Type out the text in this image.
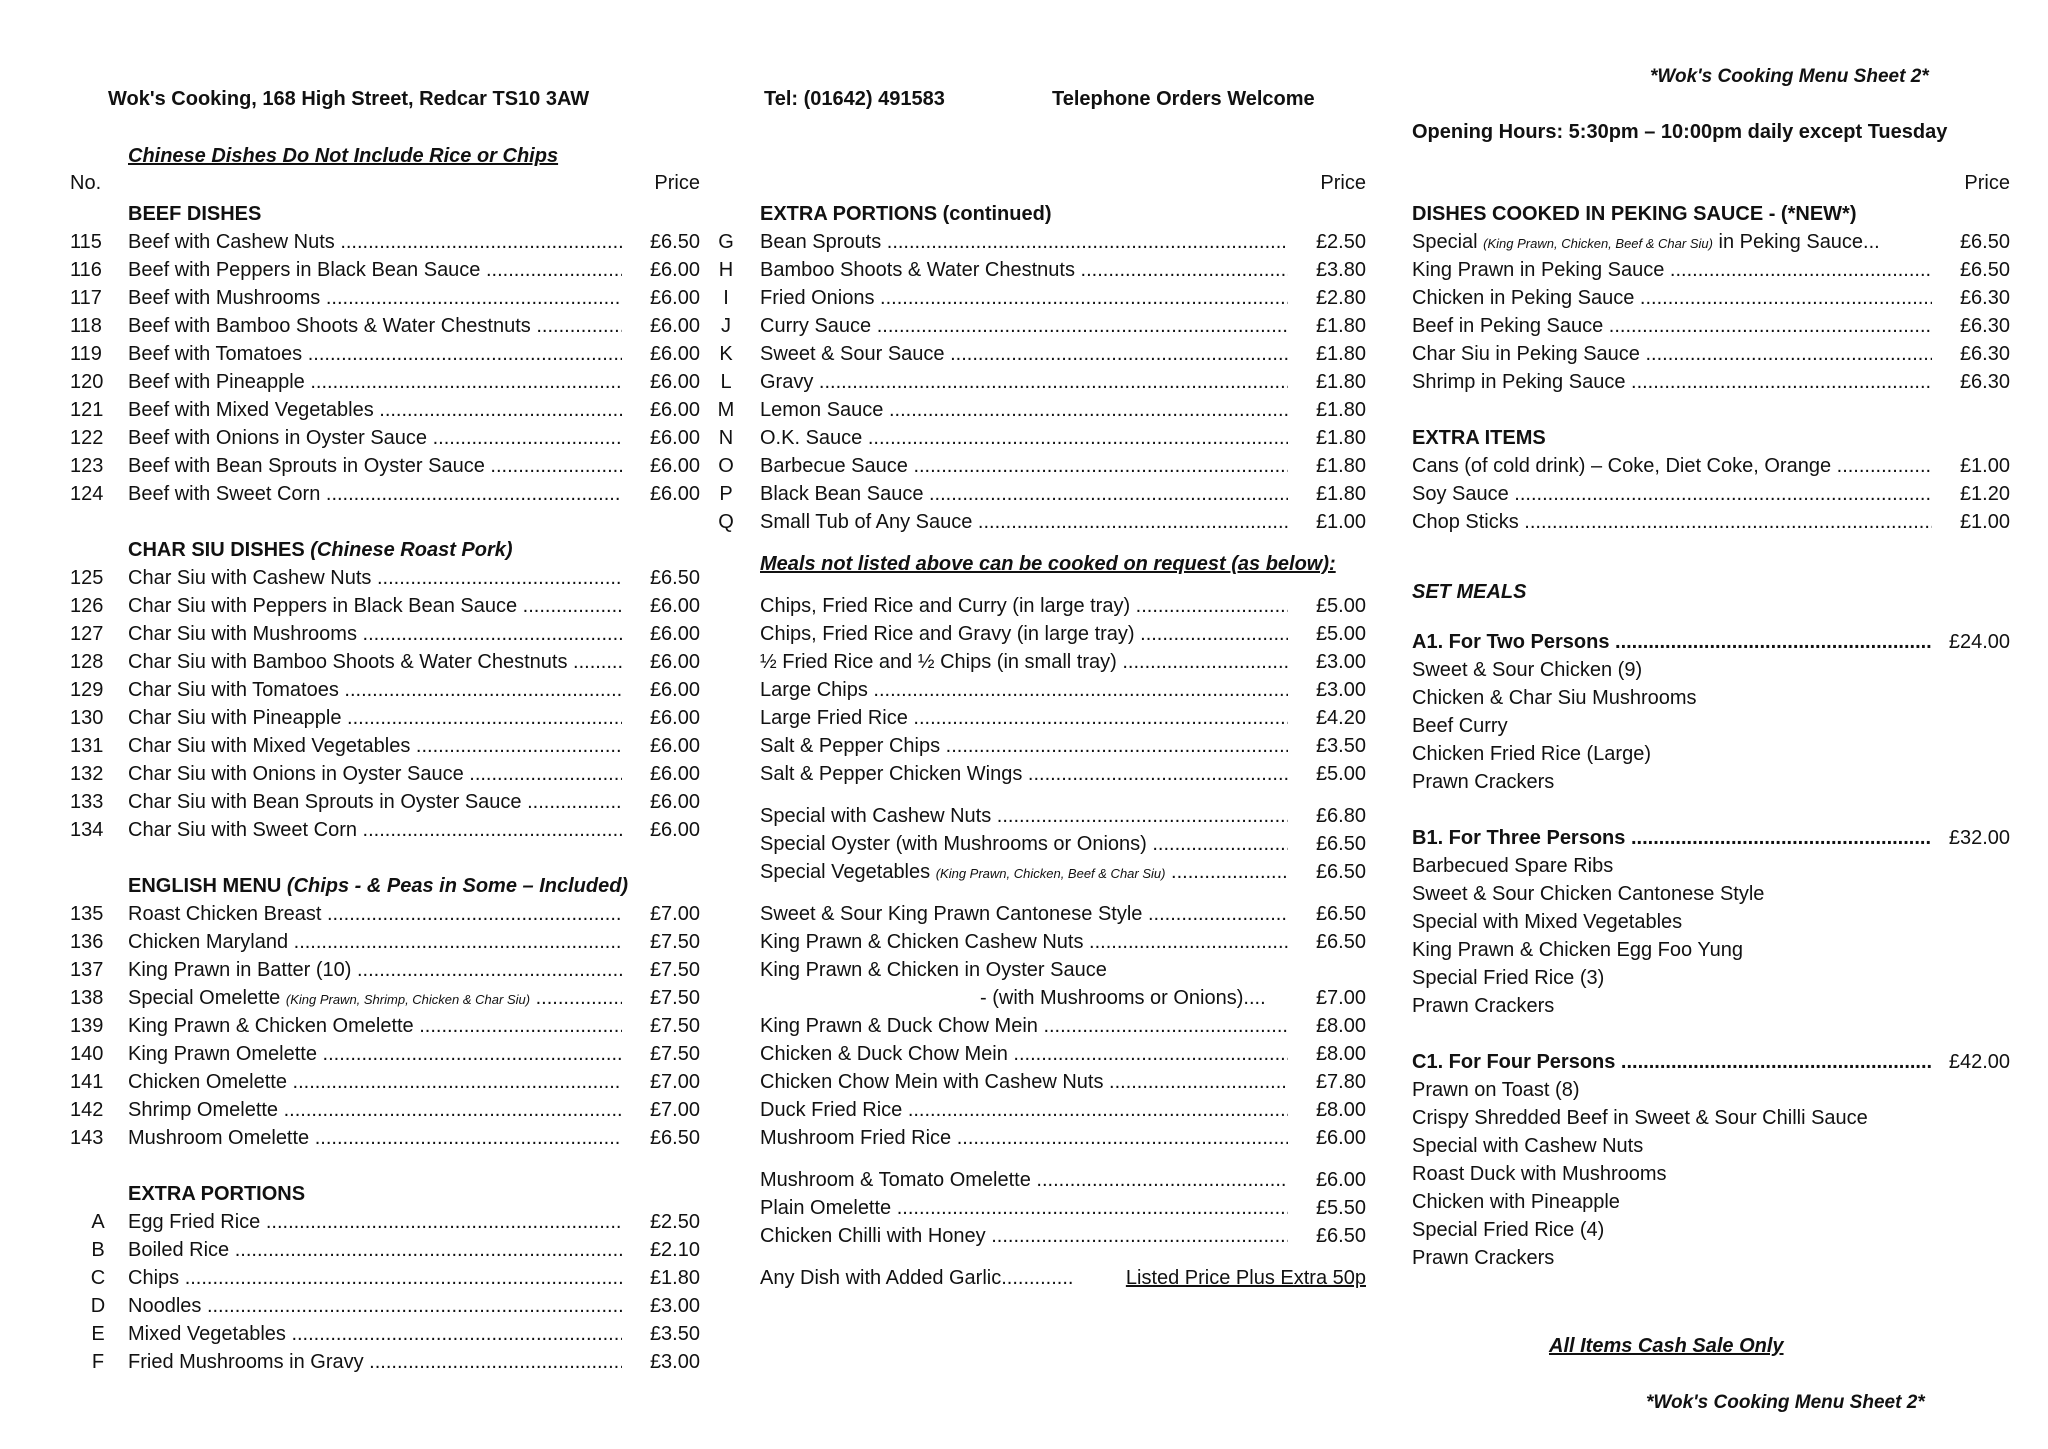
Wok's Cooking, 168 High Street, Redcar TS10 3AW	Tel: (01642) 491583	Telephone Orders Welcome
*Wok's Cooking Menu Sheet 2*
Opening Hours: 5:30pm – 10:00pm daily except Tuesday
Chinese Dishes Do Not Include Rice or Chips
No.	Price
BEEF DISHES
115	Beef with Cashew Nuts .....	£6.50
116	Beef with Peppers in Black Bean Sauce .....	£6.00
117	Beef with Mushrooms .....	£6.00
118	Beef with Bamboo Shoots & Water Chestnuts .....	£6.00
119	Beef with Tomatoes .....	£6.00
120	Beef with Pineapple .....	£6.00
121	Beef with Mixed Vegetables .....	£6.00
122	Beef with Onions in Oyster Sauce .....	£6.00
123	Beef with Bean Sprouts in Oyster Sauce .....	£6.00
124	Beef with Sweet Corn .....	£6.00
CHAR SIU DISHES (Chinese Roast Pork)
125	Char Siu with Cashew Nuts .....	£6.50
126	Char Siu with Peppers in Black Bean Sauce .....	£6.00
127	Char Siu with Mushrooms .....	£6.00
128	Char Siu with Bamboo Shoots & Water Chestnuts .....	£6.00
129	Char Siu with Tomatoes .....	£6.00
130	Char Siu with Pineapple .....	£6.00
131	Char Siu with Mixed Vegetables .....	£6.00
132	Char Siu with Onions in Oyster Sauce .....	£6.00
133	Char Siu with Bean Sprouts in Oyster Sauce .....	£6.00
134	Char Siu with Sweet Corn .....	£6.00
ENGLISH MENU (Chips - & Peas in Some – Included)
135	Roast Chicken Breast .....	£7.00
136	Chicken Maryland .....	£7.50
137	King Prawn in Batter (10) .....	£7.50
138	Special Omelette (King Prawn, Shrimp, Chicken & Char Siu) .....	£7.50
139	King Prawn & Chicken Omelette .....	£7.50
140	King Prawn Omelette .....	£7.50
141	Chicken Omelette .....	£7.00
142	Shrimp Omelette .....	£7.00
143	Mushroom Omelette .....	£6.50
EXTRA PORTIONS
A	Egg Fried Rice .....	£2.50
B	Boiled Rice .....	£2.10
C	Chips .....	£1.80
D	Noodles .....	£3.00
E	Mixed Vegetables .....	£3.50
F	Fried Mushrooms in Gravy .....	£3.00
Price
EXTRA PORTIONS (continued)
G	Bean Sprouts .....	£2.50
H	Bamboo Shoots & Water Chestnuts .....	£3.80
I	Fried Onions .....	£2.80
J	Curry Sauce .....	£1.80
K	Sweet & Sour Sauce .....	£1.80
L	Gravy .....	£1.80
M Lemon Sauce .....	£1.80
N	O.K. Sauce .....	£1.80
O	Barbecue Sauce .....	£1.80
P	Black Bean Sauce .....	£1.80
Q	Small Tub of Any Sauce .....	£1.00
Meals not listed above can be cooked on request (as below):
Chips, Fried Rice and Curry (in large tray) .....	£5.00
Chips, Fried Rice and Gravy (in large tray) .....	£5.00
½ Fried Rice and ½ Chips (in small tray) .....	£3.00
Large Chips .....	£3.00
Large Fried Rice .....	£4.20
Salt & Pepper Chips .....	£3.50
Salt & Pepper Chicken Wings .....	£5.00
Special with Cashew Nuts .....	£6.80
Special Oyster (with Mushrooms or Onions) .....	£6.50
Special Vegetables (King Prawn, Chicken, Beef & Char Siu) .....	£6.50
Sweet & Sour King Prawn Cantonese Style .....	£6.50
King Prawn & Chicken Cashew Nuts .....	£6.50
King Prawn & Chicken in Oyster Sauce
- (with Mushrooms or Onions)....	£7.00
King Prawn & Duck Chow Mein .....	£8.00
Chicken & Duck Chow Mein .....	£8.00
Chicken Chow Mein with Cashew Nuts .....	£7.80
Duck Fried Rice .....	£8.00
Mushroom Fried Rice .....	£6.00
Mushroom & Tomato Omelette .....	£6.00
Plain Omelette .....	£5.50
Chicken Chilli with Honey .....	£6.50
Any Dish with Added Garlic.............	Listed Price Plus Extra 50p
Price
DISHES COOKED IN PEKING SAUCE - (*NEW*)
Special (King Prawn, Chicken, Beef & Char Siu) in Peking Sauce...	£6.50
King Prawn in Peking Sauce .....	£6.50
Chicken in Peking Sauce .....	£6.30
Beef in Peking Sauce .....	£6.30
Char Siu in Peking Sauce .....	£6.30
Shrimp in Peking Sauce .....	£6.30
EXTRA ITEMS
Cans (of cold drink) – Coke, Diet Coke, Orange .....	£1.00
Soy Sauce .....	£1.20
Chop Sticks .....	£1.00
SET MEALS
A1. For Two Persons .....	£24.00
Sweet & Sour Chicken (9)
Chicken & Char Siu Mushrooms
Beef Curry
Chicken Fried Rice (Large)
Prawn Crackers
B1. For Three Persons .....	£32.00
Barbecued Spare Ribs
Sweet & Sour Chicken Cantonese Style
Special with Mixed Vegetables
King Prawn & Chicken Egg Foo Yung
Special Fried Rice (3)
Prawn Crackers
C1. For Four Persons .....	£42.00
Prawn on Toast (8)
Crispy Shredded Beef in Sweet & Sour Chilli Sauce
Special with Cashew Nuts
Roast Duck with Mushrooms
Chicken with Pineapple
Special Fried Rice (4)
Prawn Crackers
All Items Cash Sale Only
*Wok's Cooking Menu Sheet 2*
